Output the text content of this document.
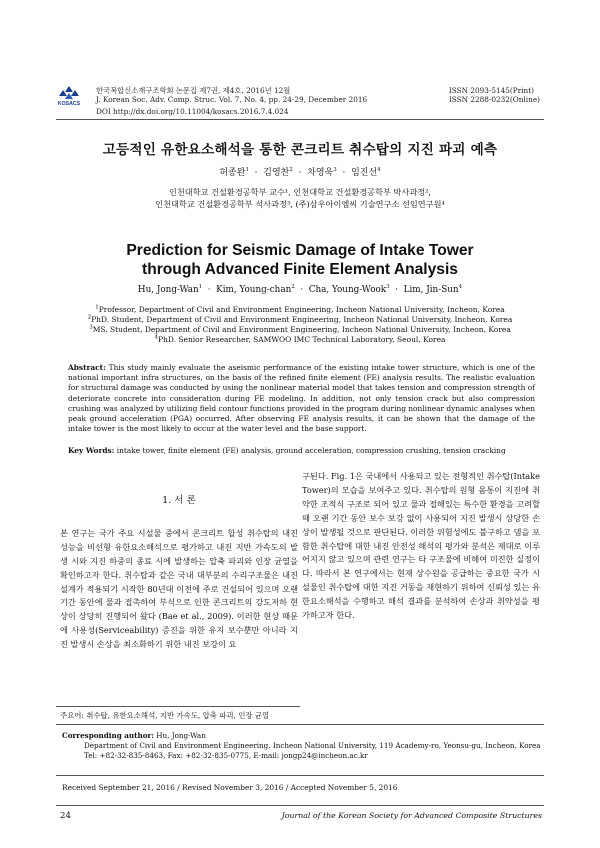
KOSACS
한국복합신소재구조학회 논문집 제7권, 제4호, 2016년 12월
J. Korean Soc. Adv. Comp. Struc. Vol. 7, No. 4, pp. 24-29, December 2016
DOI http://dx.doi.org/10.11004/kosacs.2016.7.4.024
ISSN 2093-5145(Print)
ISSN 2288-0232(Online)
고등적인 유한요소해석을 통한 콘크리트 취수탑의 지진 파괴 예측
허종완$^1$  ·  김영찬$^2$  ·  차영욱$^3$  ·  임진선$^4$
인천대학교 건설환경공학부 교수¹, 인천대학교 건설환경공학부 박사과정²,
인천대학교 건설환경공학부 석사과정³, (주)삼우아이엠씨 기술연구소 선임연구원⁴
Prediction for Seismic Damage of Intake Tower
through Advanced Finite Element Analysis
Hu, Jong-Wan$^1$  ·  Kim, Young-chan$^2$  ·  Cha, Young-Wook$^3$  ·  Lim, Jin-Sun$^4$
$^1$Professor, Department of Civil and Environment Engineering, Incheon National University, Incheon, Korea
$^2$PhD. Student, Department of Civil and Environment Engineering, Incheon National University, Incheon, Korea
$^3$MS. Student, Department of Civil and Environment Engineering, Incheon National University, Incheon, Korea
$^4$PhD. Senior Researcher, SAMWOO IMC Technical Laboratory, Seoul, Korea
Abstract: This study mainly evaluate the aseismic performance of the existing intake tower structure, which is one of the national important infra structures, on the basis of the refined finite element (FE) analysis results. The realistic evaluation for structural damage was conducted by using the nonlinear material model that takes tension and compression strength of deteriorate concrete into consideration during FE modeling. In addition, not only tension crack but also compression crushing was analyzed by utilizing field contour functions provided in the program during nonlinear dynamic analyses when peak ground acceleration (PGA) occurred. After observing FE analysis results, it can be shown that the damage of the intake tower is the most likely to occur at the water level and the base support.
Key Words: intake tower, finite element (FE) analysis, ground acceleration, compression crushing, tension cracking
1. 서 론
본 연구는 국가 주요 시설물 중에서 콘크리트 합성 취수탑의 내진 성능을 비선형 유한요소해석으로 평가하고 내진 지반 가속도의 발생 시와 지진 하중의 종료 시에 발생하는 압축 파괴와 인장 균열을 확인하고자 한다. 취수탑과 같은 국내 대부분의 수리구조물은 내진 설계가 적용되기 시작한 80년대 이전에 주로 건설되어 있으며 오랜 기간 동안에 물과 접촉하여 부식으로 인한 콘크리트의 강도저하 현상이 상당히 진행되어 왔다 (Bae et al., 2009). 이러한 현상 때문에 사용성(Serviceability) 증진을 위한 유지 보수뿐만 아니라 지진 발생시 손상을 최소화하기 위한 내진 보강이 요
구된다. Fig. 1은 국내에서 사용되고 있는 전형적인 취수탑(Intake Tower)의 모습을 보여주고 있다. 취수탑의 원형 몸통이 지진에 취약한 조적식 구조로 되어 있고 물과 접해있는 특수한 환경을 고려할 때 오랜 기간 동안 보수 보강 없이 사용되어 지진 발생시 상당한 손상이 발생될 것으로 판단된다. 이러한 위험성에도 불구하고 댐을 포함한 취수탑에 대한 내진 안전성 해석의 평가와 분석은 제대로 이루어지지 않고 있으며 관련 연구는 타 구조물에 비해여 미진한 실정이다. 따라서 본 연구에서는 현재 상수원을 공급하는 중요한 국가 시설물인 취수탑에 대한 지진 거동을 재현하기 위하여 신뢰성 있는 유한요소해석을 수행하고 해석 결과를 분석하여 손상과 취약성을 평가하고자 한다.
주요어: 취수탑, 유한요소해석, 지반 가속도, 압축 파괴, 인장 균열
Corresponding author: Hu, Jong-Wan
Department of Civil and Environment Engineering, Incheon National University, 119 Academy-ro, Yeonsu-gu, Incheon, Korea
Tel: +82-32-835-8463, Fax: +82-32-835-0775, E-mail: jongp24@incheon.ac.kr
Received September 21, 2016 / Revised November 3, 2016 / Accepted November 5, 2016
24	Journal of the Korean Society for Advanced Composite Structures
